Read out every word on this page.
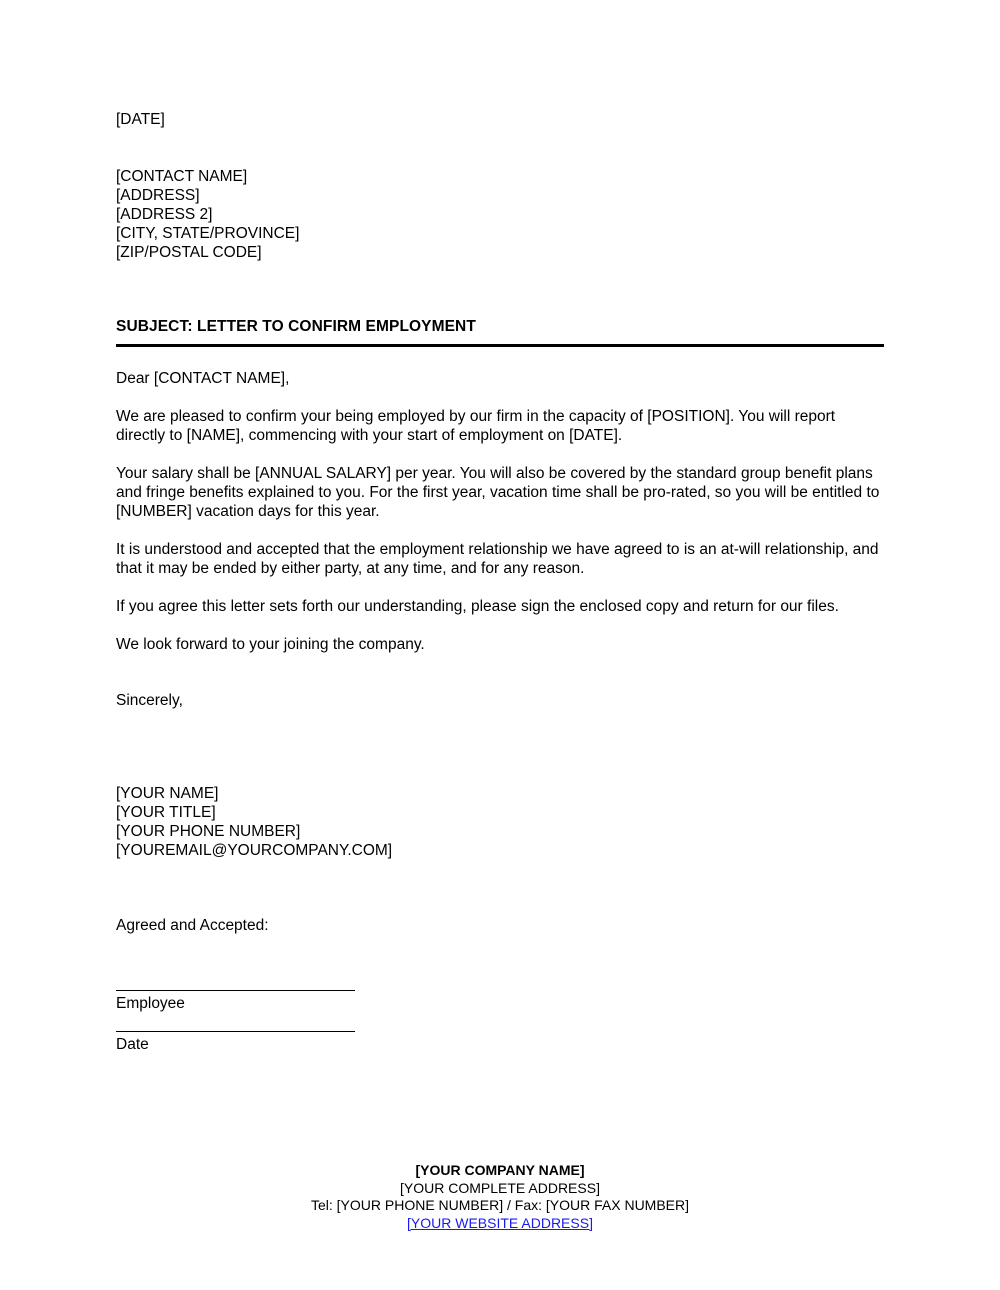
[DATE]
[CONTACT NAME]
[ADDRESS]
[ADDRESS 2]
[CITY, STATE/PROVINCE]
[ZIP/POSTAL CODE]
SUBJECT: LETTER TO CONFIRM EMPLOYMENT
Dear [CONTACT NAME],

We are pleased to confirm your being employed by our firm in the capacity of [POSITION]. You will report directly to [NAME], commencing with your start of employment on [DATE].

Your salary shall be [ANNUAL SALARY] per year. You will also be covered by the standard group benefit plans and fringe benefits explained to you. For the first year, vacation time shall be pro-rated, so you will be entitled to [NUMBER] vacation days for this year.

It is understood and accepted that the employment relationship we have agreed to is an at-will relationship, and that it may be ended by either party, at any time, and for any reason.

If you agree this letter sets forth our understanding, please sign the enclosed copy and return for our files.

We look forward to your joining the company.

Sincerely,
[YOUR NAME]
[YOUR TITLE]
[YOUR PHONE NUMBER]
[YOUREMAIL@YOURCOMPANY.COM]
Agreed and Accepted:
Employee
Date
[YOUR COMPANY NAME]
[YOUR COMPLETE ADDRESS]
Tel: [YOUR PHONE NUMBER] / Fax: [YOUR FAX NUMBER]
[YOUR WEBSITE ADDRESS]
